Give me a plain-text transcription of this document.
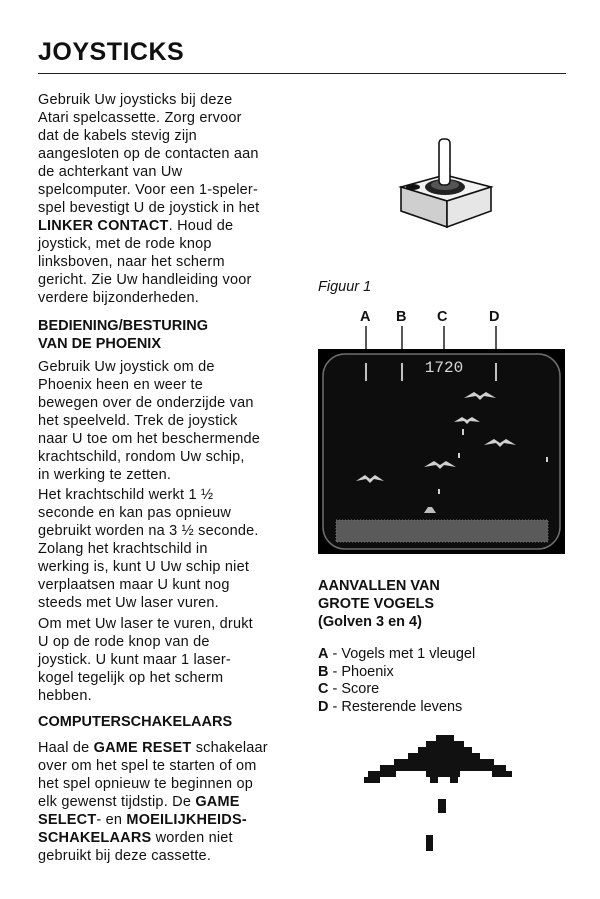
JOYSTICKS

Gebruik Uw joysticks bij deze
Atari spelcassette. Zorg ervoor
dat de kabels stevig zijn
aangesloten op de contacten aan
de achterkant van Uw
spelcomputer. Voor een 1-speler-
spel bevestigt U de joystick in het
LINKER CONTACT. Houd de
joystick, met de rode knop
linksboven, naar het scherm
gericht. Zie Uw handleiding voor
verdere bijzonderheden.

BEDIENING/BESTURING
VAN DE PHOENIX

Gebruik Uw joystick om de
Phoenix heen en weer te
bewegen over de onderzijde van
het speelveld. Trek de joystick
naar U toe om het beschermende
krachtschild, rondom Uw schip,
in werking te zetten.

Het krachtschild werkt 1 ½
seconde en kan pas opnieuw
gebruikt worden na 3 ½ seconde.
Zolang het krachtschild in
werking is, kunt U Uw schip niet
verplaatsen maar U kunt nog
steeds met Uw laser vuren.

Om met Uw laser te vuren, drukt
U op de rode knop van de
joystick. U kunt maar 1 laser-
kogel tegelijk op het scherm
hebben.

COMPUTERSCHAKELAARS

Haal de GAME RESET schakelaar
over om het spel te starten of om
het spel opnieuw te beginnen op
elk gewenst tijdstip. De GAME
SELECT- en MOEILIJKHEIDS-
SCHAKELAARS worden niet
gebruikt bij deze cassette.

Figuur 1
A B C	D
1720
AANVALLEN VAN
GROTE VOGELS
(Golven 3 en 4)
A - Vogels met 1 vleugel
B - Phoenix
C - Score
D - Resterende levens
